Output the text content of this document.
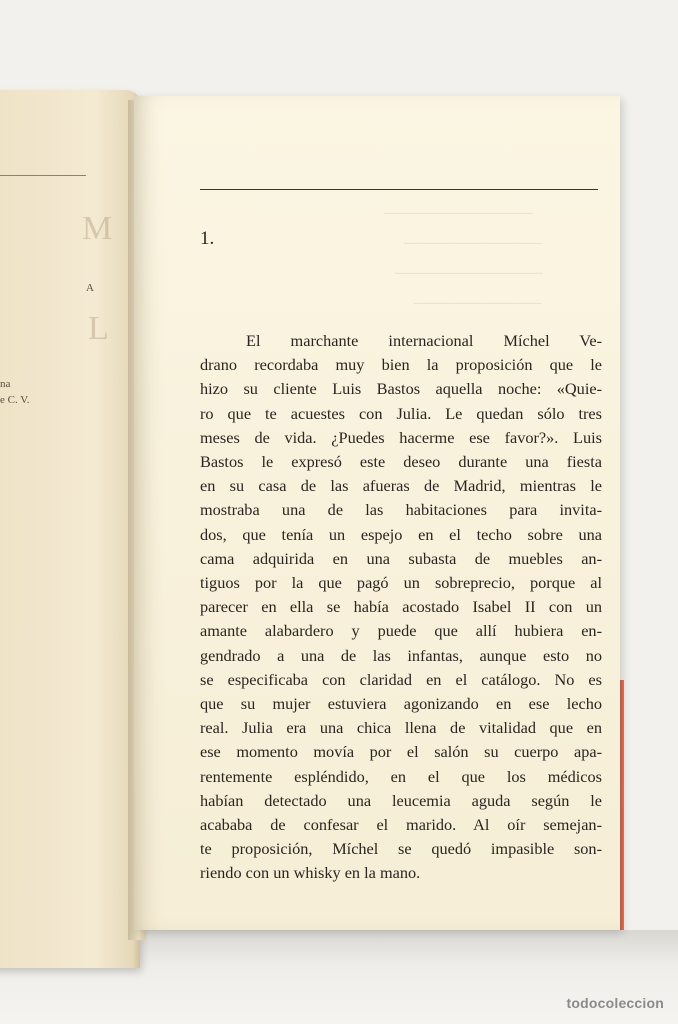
M
L
A
na
e C. V.
──────────────
─────────────
──────────────
────────────
1.
El marchante internacional Míchel Ve-
drano recordaba muy bien la proposición que le
hizo su cliente Luis Bastos aquella noche: «Quie-
ro que te acuestes con Julia. Le quedan sólo tres
meses de vida. ¿Puedes hacerme ese favor?». Luis
Bastos le expresó este deseo durante una fiesta
en su casa de las afueras de Madrid, mientras le
mostraba una de las habitaciones para invita-
dos, que tenía un espejo en el techo sobre una
cama adquirida en una subasta de muebles an-
tiguos por la que pagó un sobreprecio, porque al
parecer en ella se había acostado Isabel II con un
amante alabardero y puede que allí hubiera en-
gendrado a una de las infantas, aunque esto no
se especificaba con claridad en el catálogo. No es
que su mujer estuviera agonizando en ese lecho
real. Julia era una chica llena de vitalidad que en
ese momento movía por el salón su cuerpo apa-
rentemente espléndido, en el que los médicos
habían detectado una leucemia aguda según le
acababa de confesar el marido. Al oír semejan-
te proposición, Míchel se quedó impasible son-
riendo con un whisky en la mano.
todocoleccion
